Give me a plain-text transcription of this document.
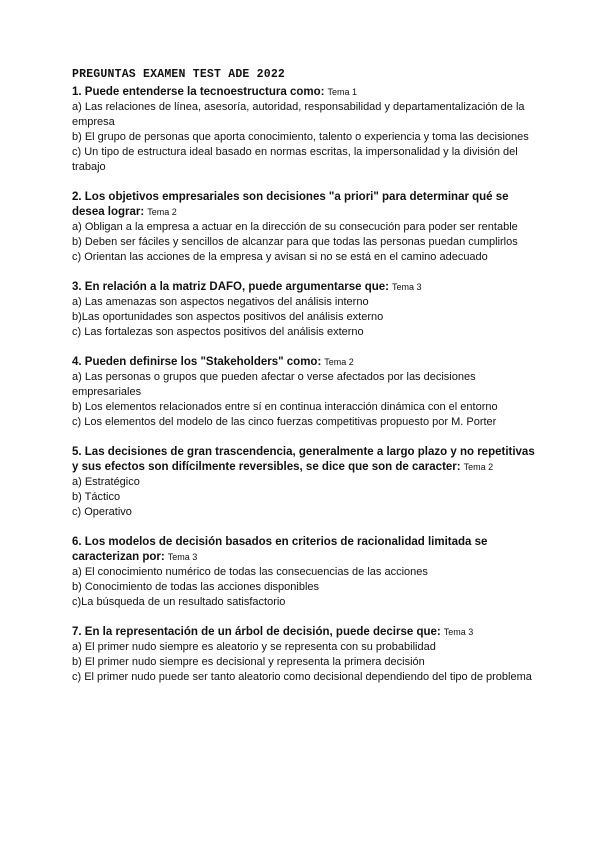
PREGUNTAS EXAMEN TEST ADE 2022
1. Puede entenderse la tecnoestructura como: Tema 1
a) Las relaciones de línea, asesoría, autoridad, responsabilidad y departamentalización de la empresa
b) El grupo de personas que aporta conocimiento, talento o experiencia y toma las decisiones
c) Un tipo de estructura ideal basado en normas escritas, la impersonalidad y la división del trabajo
2. Los objetivos empresariales son decisiones "a priori" para determinar qué se desea lograr: Tema 2
a) Obligan a la empresa a actuar en la dirección de su consecución para poder ser rentable
b) Deben ser fáciles y sencillos de alcanzar para que todas las personas puedan cumplirlos
c) Orientan las acciones de la empresa y avisan si no se está en el camino adecuado
3. En relación a la matriz DAFO, puede argumentarse que: Tema 3
a) Las amenazas son aspectos negativos del análisis interno
b)Las oportunidades son aspectos positivos del análisis externo
c) Las fortalezas son aspectos positivos del análisis externo
4. Pueden definirse los "Stakeholders" como: Tema 2
a) Las personas o grupos que pueden afectar o verse afectados por las decisiones empresariales
b) Los elementos relacionados entre sí en continua interacción dinámica con el entorno
c) Los elementos del modelo de las cinco fuerzas competitivas propuesto por M. Porter
5. Las decisiones de gran trascendencia, generalmente a largo plazo y no repetitivas y sus efectos son difícilmente reversibles, se dice que son de caracter: Tema 2
a) Estratégico
b) Táctico
c) Operativo
6. Los modelos de decisión basados en criterios de racionalidad limitada se caracterizan por: Tema 3
a) El conocimiento numérico de todas las consecuencias de las acciones
b) Conocimiento de todas las acciones disponibles
c)La búsqueda de un resultado satisfactorio
7. En la representación de un árbol de decisión, puede decirse que: Tema 3
a) El primer nudo siempre es aleatorio y se representa con su probabilidad
b) El primer nudo siempre es decisional y representa la primera decisión
c) El primer nudo puede ser tanto aleatorio como decisional dependiendo del tipo de problema
